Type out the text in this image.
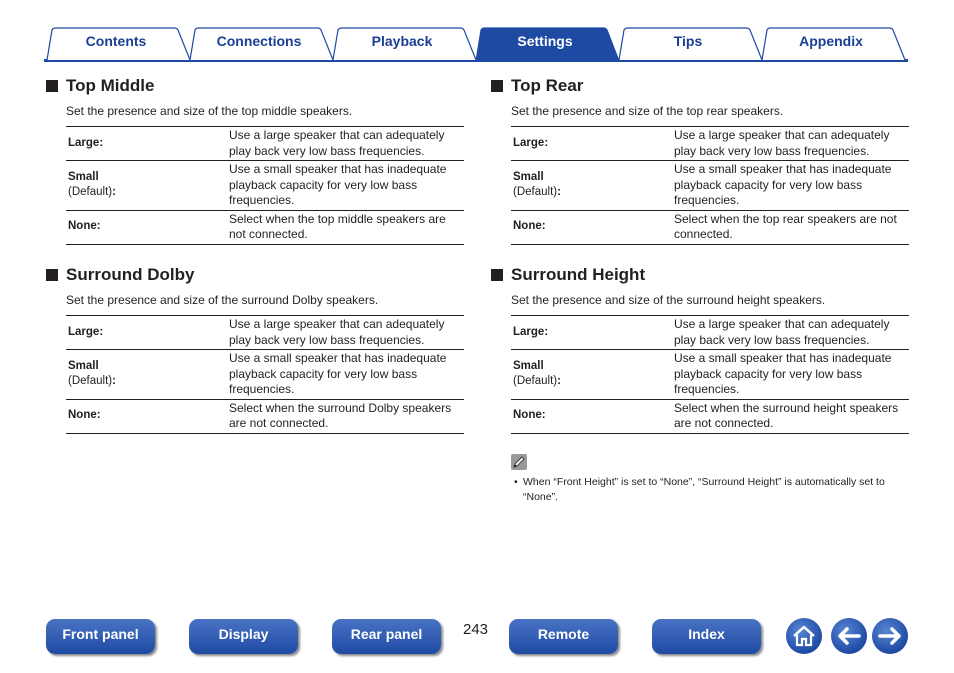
Contents	Connections	Playback	Settings	Tips	Appendix
Top Middle
Set the presence and size of the top middle speakers.
Large:	Use a large speaker that can adequately play back very low bass frequencies.
Small
(Default):	Use a small speaker that has inadequate playback capacity for very low bass frequencies.
None:	Select when the top middle speakers are not connected.
Top Rear
Set the presence and size of the top rear speakers.
Large:	Use a large speaker that can adequately play back very low bass frequencies.
Small
(Default):	Use a small speaker that has inadequate playback capacity for very low bass frequencies.
None:	Select when the top rear speakers are not connected.
Surround Dolby
Set the presence and size of the surround Dolby speakers.
Large:	Use a large speaker that can adequately play back very low bass frequencies.
Small
(Default):	Use a small speaker that has inadequate playback capacity for very low bass frequencies.
None:	Select when the surround Dolby speakers are not connected.
Surround Height
Set the presence and size of the surround height speakers.
Large:	Use a large speaker that can adequately play back very low bass frequencies.
Small
(Default):	Use a small speaker that has inadequate playback capacity for very low bass frequencies.
None:	Select when the surround height speakers are not connected.
• When “Front Height” is set to “None”, “Surround Height” is automatically set to “None”.
Front panel	Display	Rear panel	243	Remote	Index
